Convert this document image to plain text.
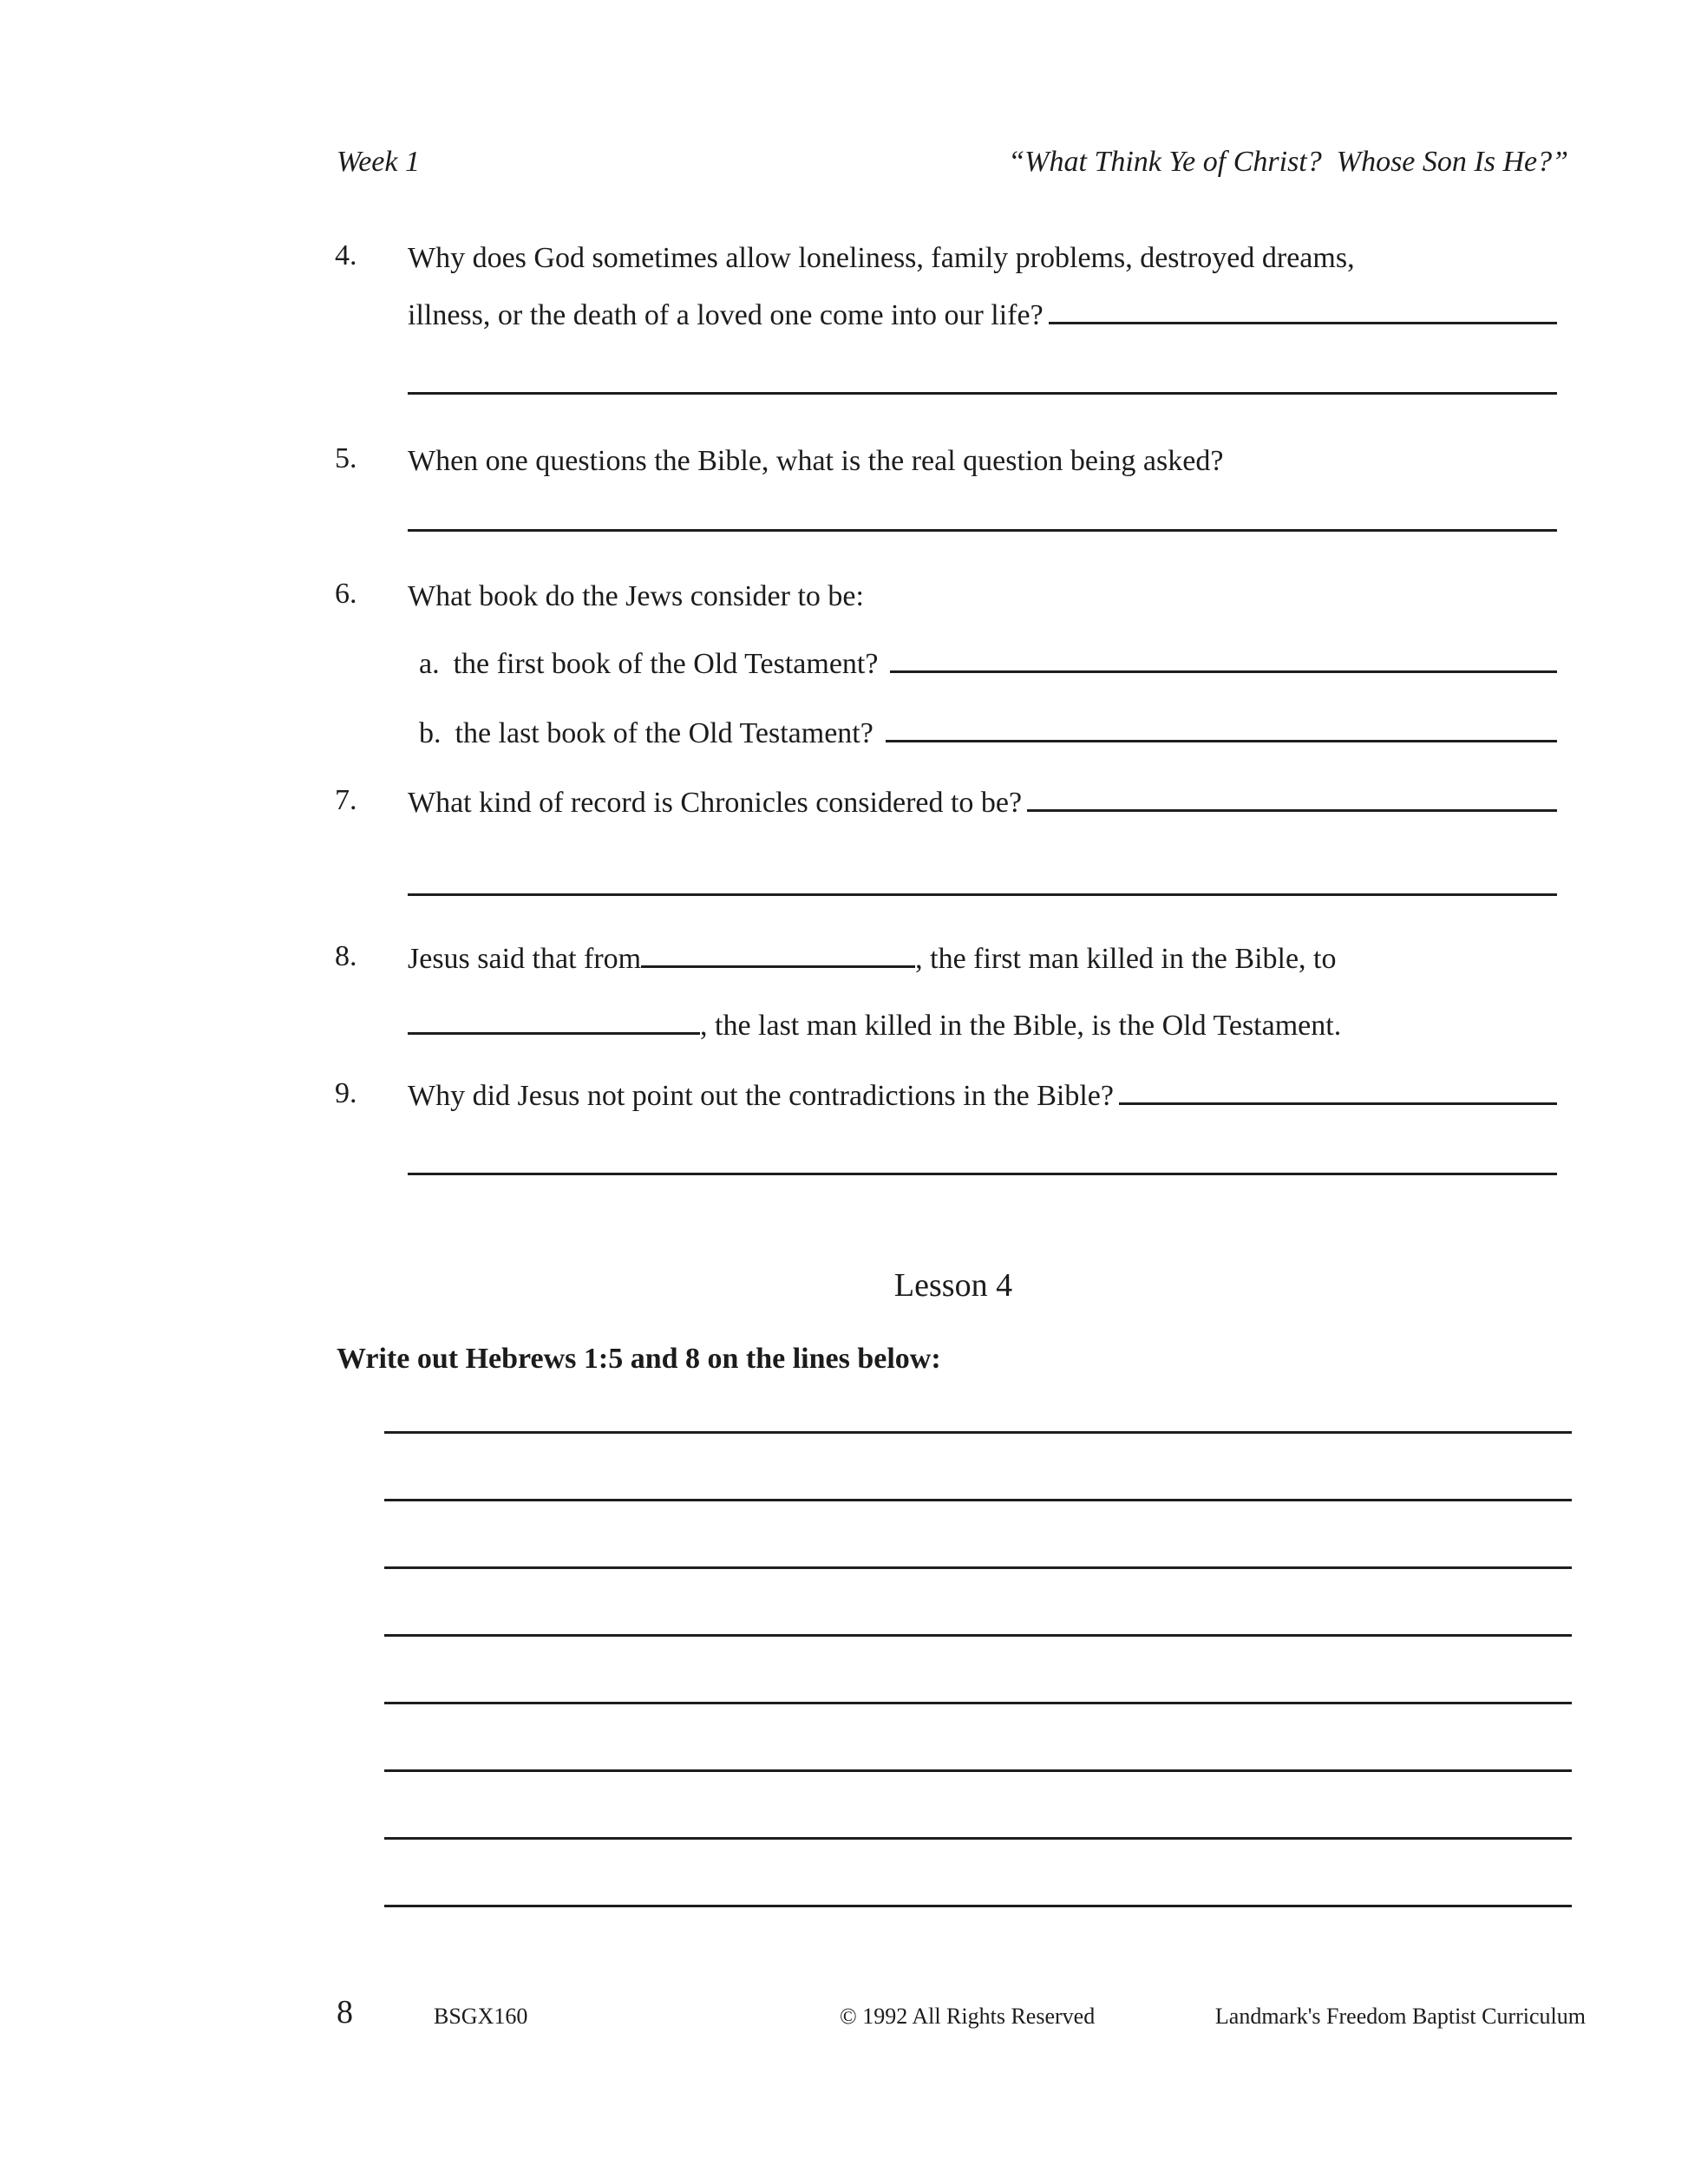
Week 1	“What Think Ye of Christ?  Whose Son Is He?”
4. Why does God sometimes allow loneliness, family problems, destroyed dreams,
illness, or the death of a loved one come into our life?
5. When one questions the Bible, what is the real question being asked?
6. What book do the Jews consider to be:
a. the first book of the Old Testament?
b. the last book of the Old Testament?
7. What kind of record is Chronicles considered to be?
8. Jesus said that from	, the first man killed in the Bible, to
, the last man killed in the Bible, is the Old Testament.
9. Why did Jesus not point out the contradictions in the Bible?
Lesson 4
Write out Hebrews 1:5 and 8 on the lines below:
8	BSGX160	© 1992 All Rights Reserved	Landmark's Freedom Baptist Curriculum
